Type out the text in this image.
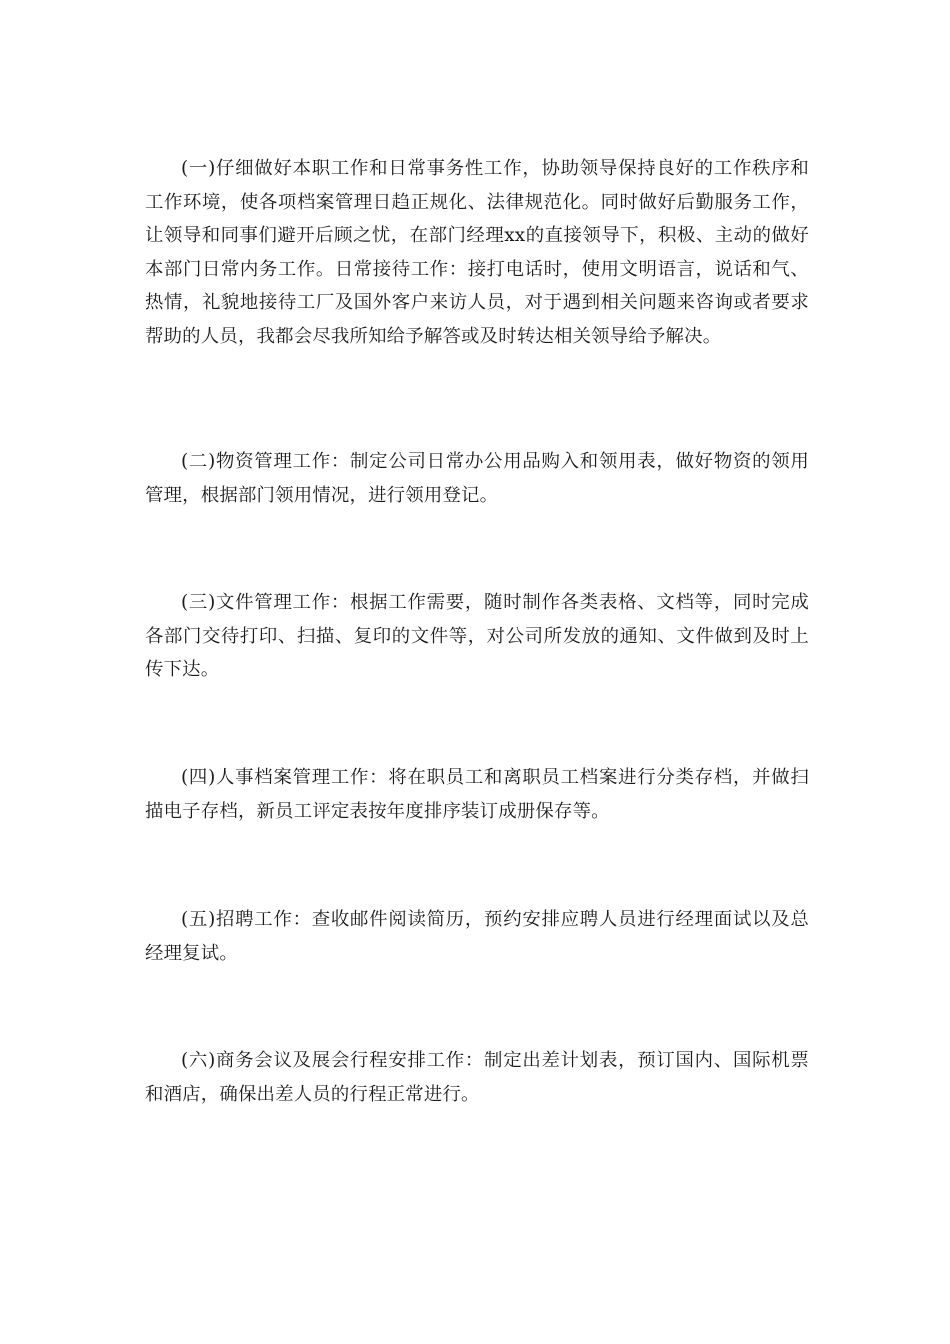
(一)仔细做好本职工作和日常事务性工作，协助领导保持良好的工作秩序和工作环境，使各项档案管理日趋正规化、法律规范化。同时做好后勤服务工作，让领导和同事们避开后顾之忧，在部门经理xx的直接领导下，积极、主动的做好本部门日常内务工作。日常接待工作：接打电话时，使用文明语言，说话和气、热情，礼貌地接待工厂及国外客户来访人员，对于遇到相关问题来咨询或者要求帮助的人员，我都会尽我所知给予解答或及时转达相关领导给予解决。

(二)物资管理工作：制定公司日常办公用品购入和领用表，做好物资的领用管理，根据部门领用情况，进行领用登记。

(三)文件管理工作：根据工作需要，随时制作各类表格、文档等，同时完成各部门交待打印、扫描、复印的文件等，对公司所发放的通知、文件做到及时上传下达。

(四)人事档案管理工作：将在职员工和离职员工档案进行分类存档，并做扫描电子存档，新员工评定表按年度排序装订成册保存等。

(五)招聘工作：查收邮件阅读简历，预约安排应聘人员进行经理面试以及总经理复试。

(六)商务会议及展会行程安排工作：制定出差计划表，预订国内、国际机票和酒店，确保出差人员的行程正常进行。
